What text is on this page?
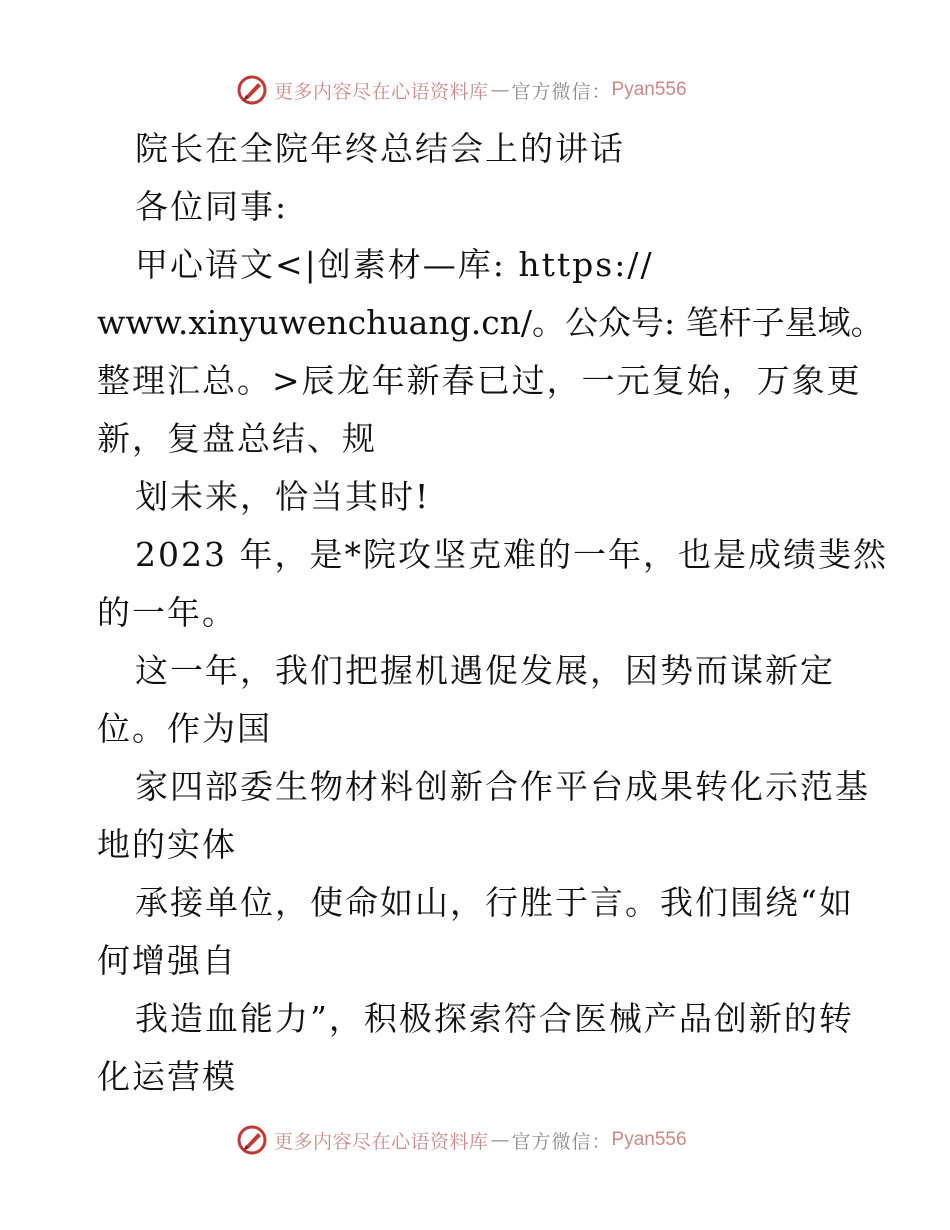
更多内容尽在心语资料库 — 官方微信： Pyan556
院长在全院年终总结会上的讲话
各位同事:
甲心语文<|创素材—库: https://
www.xinyuwenchuang.cn/。公众号: 笔杆子星域。
整理汇总。>辰龙年新春已过，一元复始，万象更
新，复盘总结、规
划未来，恰当其时!
2023 年，是*院攻坚克难的一年，也是成绩斐然
的一年。
这一年，我们把握机遇促发展，因势而谋新定
位。作为国
家四部委生物材料创新合作平台成果转化示范基
地的实体
承接单位，使命如山，行胜于言。我们围绕“如
何增强自
我造血能力”，积极探索符合医械产品创新的转
化运营模
更多内容尽在心语资料库 — 官方微信： Pyan556
